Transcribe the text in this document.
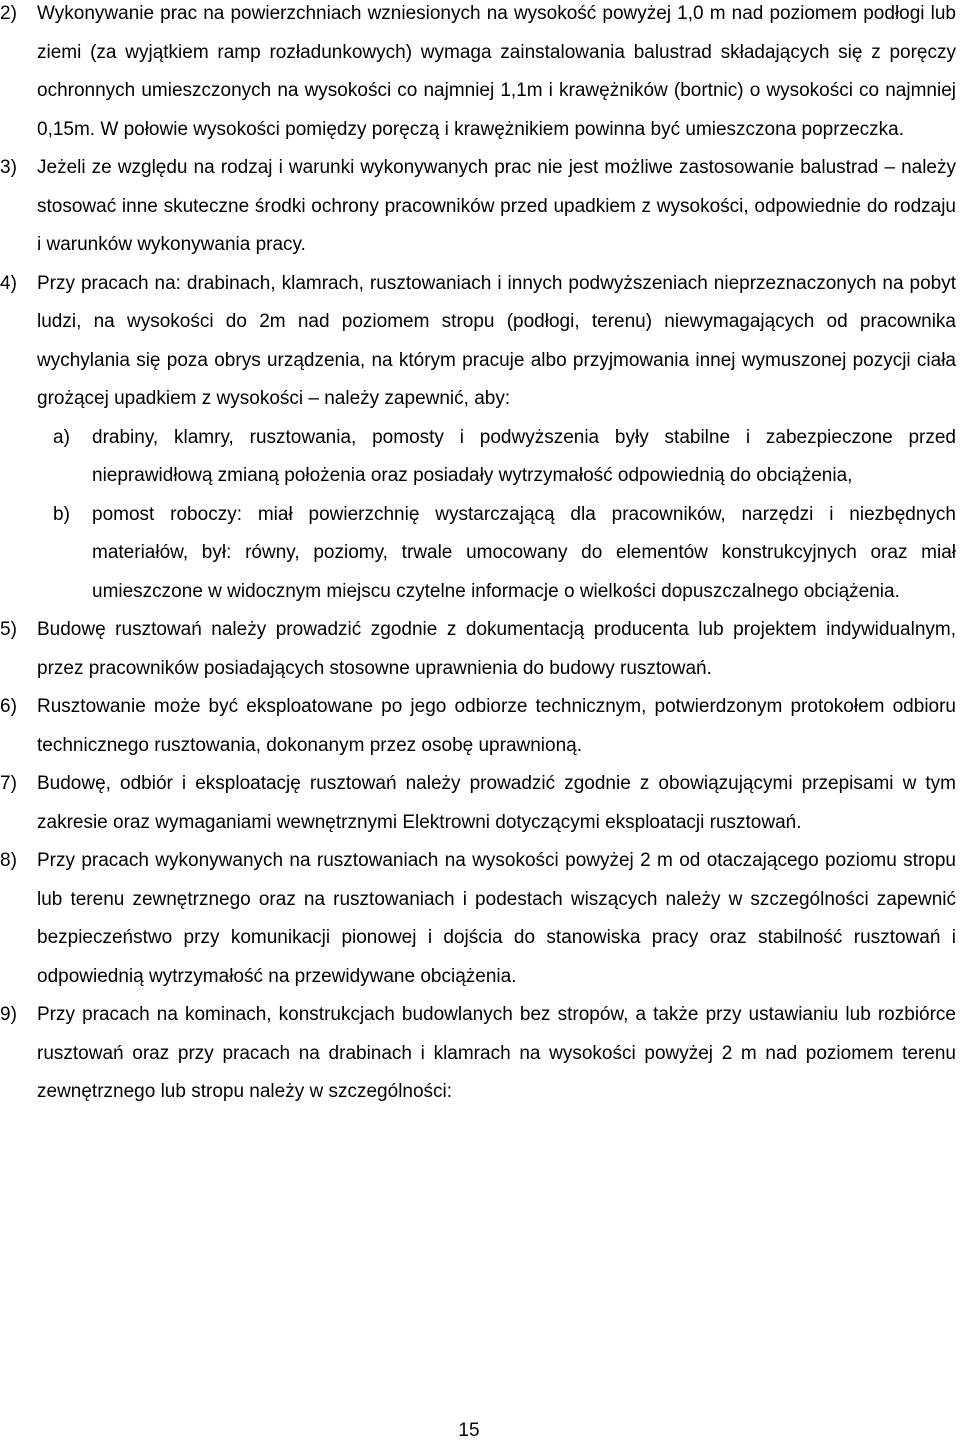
2) Wykonywanie prac na powierzchniach wzniesionych na wysokość powyżej 1,0 m nad poziomem podłogi lub ziemi (za wyjątkiem ramp rozładunkowych) wymaga zainstalowania balustrad składających się z poręczy ochronnych umieszczonych na wysokości co najmniej 1,1m i krawężników (bortnic) o wysokości co najmniej 0,15m. W połowie wysokości pomiędzy poręczą i krawężnikiem powinna być umieszczona poprzeczka.
3) Jeżeli ze względu na rodzaj i warunki wykonywanych prac nie jest możliwe zastosowanie balustrad – należy stosować inne skuteczne środki ochrony pracowników przed upadkiem z wysokości, odpowiednie do rodzaju i warunków wykonywania pracy.
4) Przy pracach na: drabinach, klamrach, rusztowaniach i innych podwyższeniach nieprzeznaczonych na pobyt ludzi, na wysokości do 2m nad poziomem stropu (podłogi, terenu) niewymagających od pracownika wychylania się poza obrys urządzenia, na którym pracuje albo przyjmowania innej wymuszonej pozycji ciała grożącej upadkiem z wysokości – należy zapewnić, aby:
a) drabiny, klamry, rusztowania, pomosty i podwyższenia były stabilne i zabezpieczone przed nieprawidłową zmianą położenia oraz posiadały wytrzymałość odpowiednią do obciążenia,
b) pomost roboczy: miał powierzchnię wystarczającą dla pracowników, narzędzi i niezbędnych materiałów, był: równy, poziomy, trwale umocowany do elementów konstrukcyjnych oraz miał umieszczone w widocznym miejscu czytelne informacje o wielkości dopuszczalnego obciążenia.
5) Budowę rusztowań należy prowadzić zgodnie z dokumentacją producenta lub projektem indywidualnym, przez pracowników posiadających stosowne uprawnienia do budowy rusztowań.
6) Rusztowanie może być eksploatowane po jego odbiorze technicznym, potwierdzonym protokołem odbioru technicznego rusztowania, dokonanym przez osobę uprawnioną.
7) Budowę, odbiór i eksploatację rusztowań należy prowadzić zgodnie z obowiązującymi przepisami w tym zakresie oraz wymaganiami wewnętrznymi Elektrowni dotyczącymi eksploatacji rusztowań.
8) Przy pracach wykonywanych na rusztowaniach na wysokości powyżej 2 m od otaczającego poziomu stropu lub terenu zewnętrznego oraz na rusztowaniach i podestach wiszących należy w szczególności zapewnić bezpieczeństwo przy komunikacji pionowej i dojścia do stanowiska pracy oraz stabilność rusztowań i odpowiednią wytrzymałość na przewidywane obciążenia.
9) Przy pracach na kominach, konstrukcjach budowlanych bez stropów, a także przy ustawianiu lub rozbiórce rusztowań oraz przy pracach na drabinach i klamrach na wysokości powyżej 2 m nad poziomem terenu zewnętrznego lub stropu należy w szczególności:
15
